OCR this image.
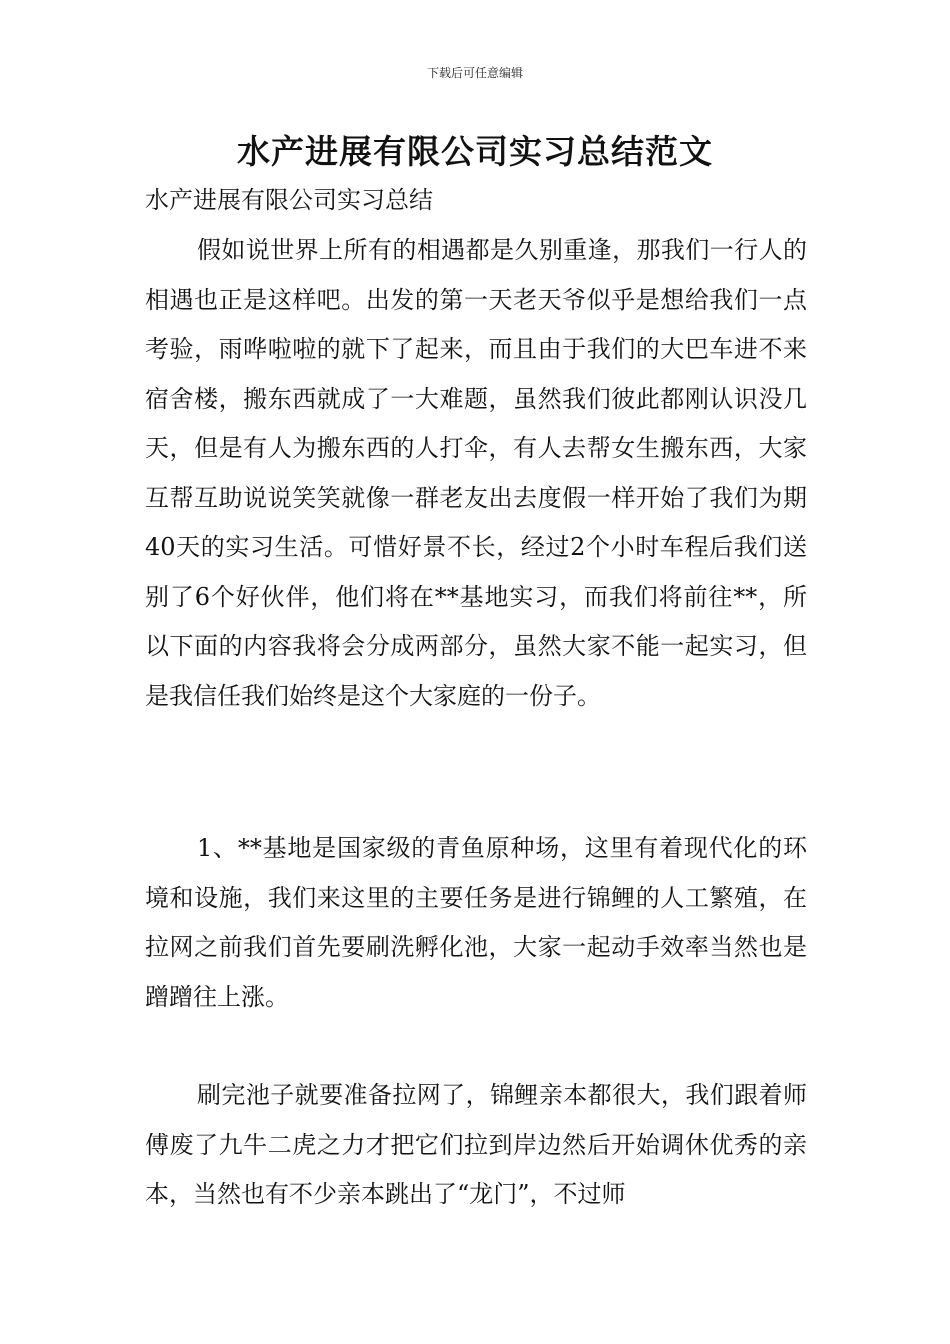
下载后可任意编辑
水产进展有限公司实习总结范文
水产进展有限公司实习总结

假如说世界上所有的相遇都是久别重逢，那我们一行人的相遇也正是这样吧。出发的第一天老天爷似乎是想给我们一点考验，雨哗啦啦的就下了起来，而且由于我们的大巴车进不来宿舍楼，搬东西就成了一大难题，虽然我们彼此都刚认识没几天，但是有人为搬东西的人打伞，有人去帮女生搬东西，大家互帮互助说说笑笑就像一群老友出去度假一样开始了我们为期40天的实习生活。可惜好景不长，经过2个小时车程后我们送别了6个好伙伴，他们将在**基地实习，而我们将前往**，所以下面的内容我将会分成两部分，虽然大家不能一起实习，但是我信任我们始终是这个大家庭的一份子。

1、**基地是国家级的青鱼原种场，这里有着现代化的环境和设施，我们来这里的主要任务是进行锦鲤的人工繁殖，在拉网之前我们首先要刷洗孵化池，大家一起动手效率当然也是蹭蹭往上涨。

刷完池子就要准备拉网了，锦鲤亲本都很大，我们跟着师傅废了九牛二虎之力才把它们拉到岸边然后开始调休优秀的亲本，当然也有不少亲本跳出了“龙门”，不过师
